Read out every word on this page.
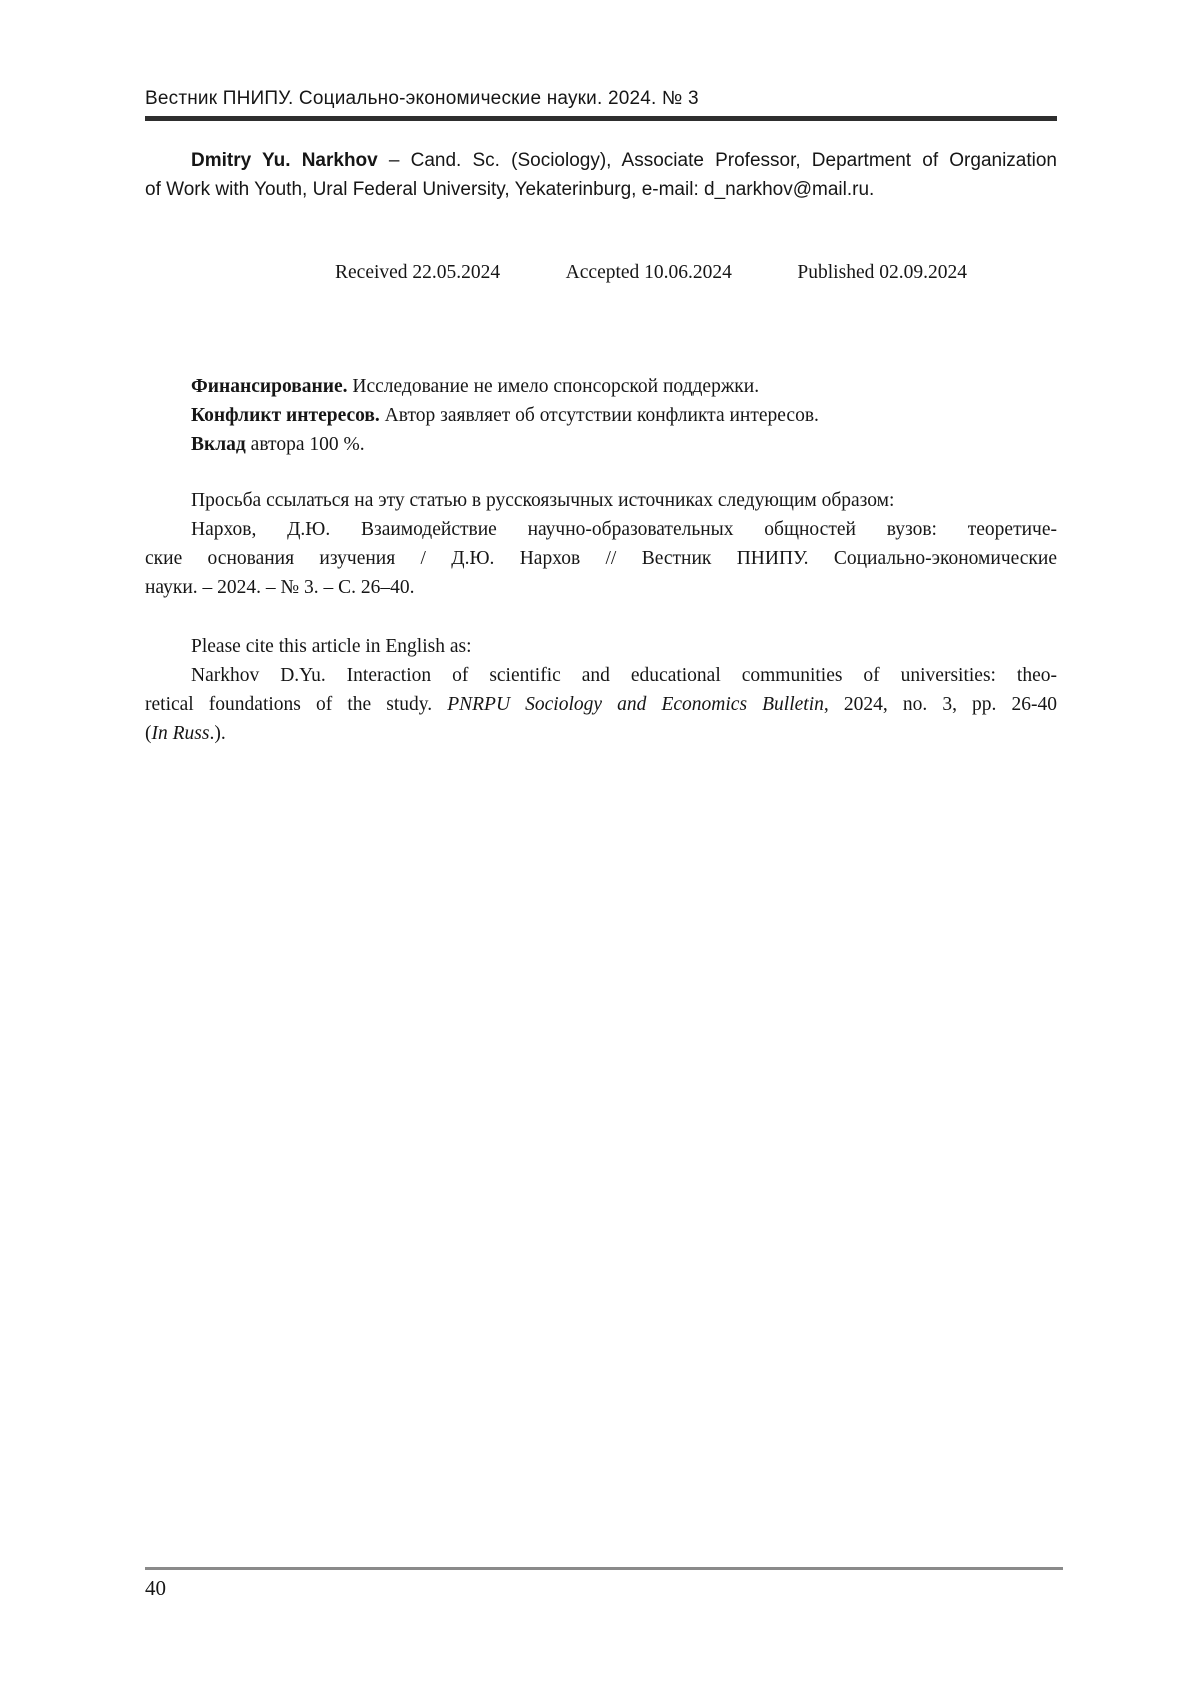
Вестник ПНИПУ. Социально-экономические науки. 2024. № 3
Dmitry Yu. Narkhov – Cand. Sc. (Sociology), Associate Professor, Department of Organization
of Work with Youth, Ural Federal University, Yekaterinburg, e-mail: d_narkhov@mail.ru.
Received 22.05.2024	Accepted 10.06.2024	Published 02.09.2024
Финансирование. Исследование не имело спонсорской поддержки.
Конфликт интересов. Автор заявляет об отсутствии конфликта интересов.
Вклад автора 100 %.
Просьба ссылаться на эту статью в русскоязычных источниках следующим образом:
Нархов, Д.Ю. Взаимодействие научно-образовательных общностей вузов: теоретиче-
ские основания изучения / Д.Ю. Нархов // Вестник ПНИПУ. Социально-экономические
науки. – 2024. – № 3. – С. 26–40.
Please cite this article in English as:
Narkhov D.Yu. Interaction of scientific and educational communities of universities: theo-
retical foundations of the study. PNRPU Sociology and Economics Bulletin, 2024, no. 3, pp. 26-40
(In Russ.).
40
